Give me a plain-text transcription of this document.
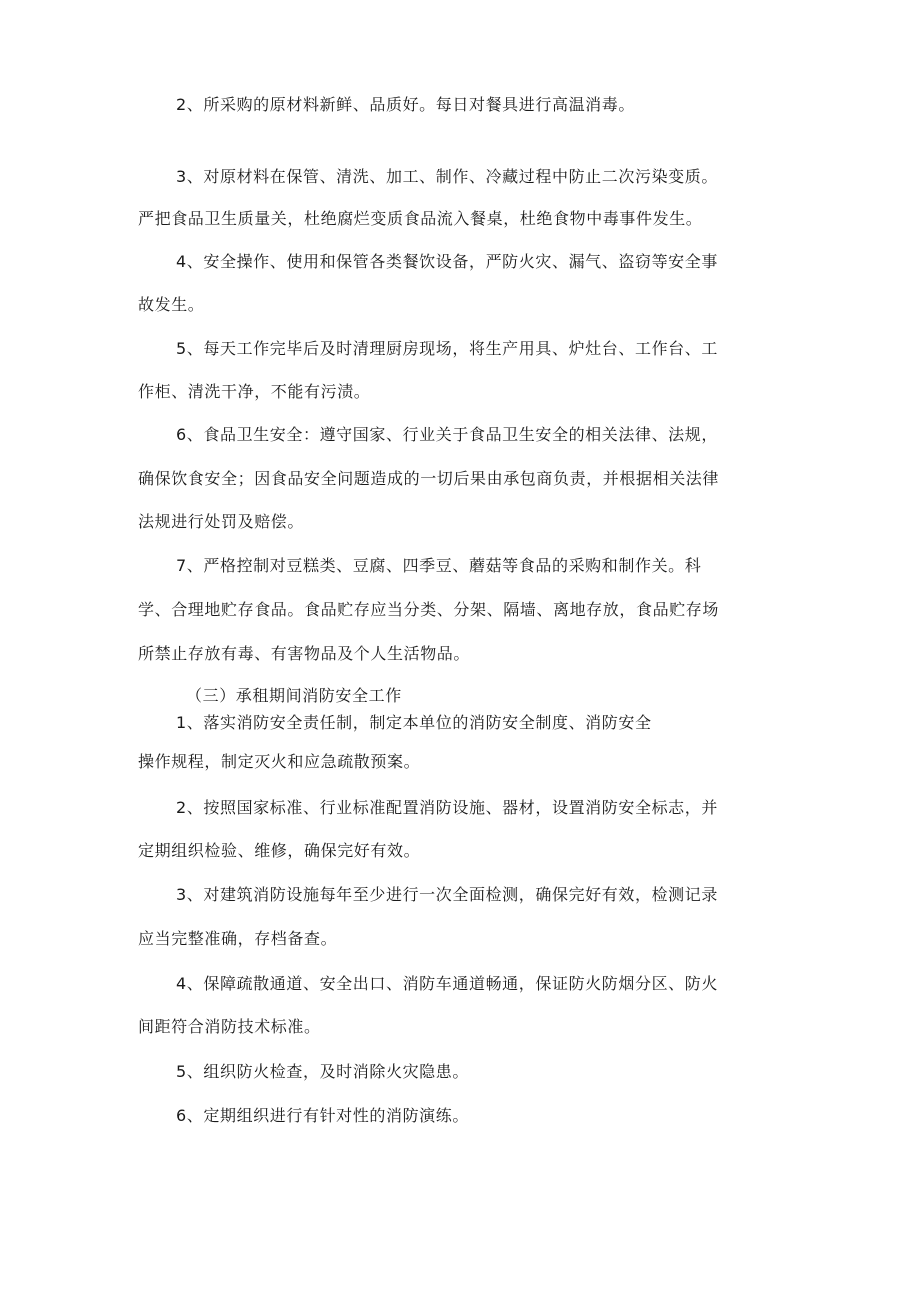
2、所采购的原材料新鲜、品质好。每日对餐具进行高温消毒。
3、对原材料在保管、清洗、加工、制作、冷藏过程中防止二次污染变质。
严把食品卫生质量关，杜绝腐烂变质食品流入餐桌，杜绝食物中毒事件发生。
4、安全操作、使用和保管各类餐饮设备，严防火灾、漏气、盗窃等安全事
故发生。
5、每天工作完毕后及时清理厨房现场，将生产用具、炉灶台、工作台、工
作柜、清洗干净，不能有污渍。
6、食品卫生安全：遵守国家、行业关于食品卫生安全的相关法律、法规，
确保饮食安全；因食品安全问题造成的一切后果由承包商负责，并根据相关法律
法规进行处罚及赔偿。
7、严格控制对豆糕类、豆腐、四季豆、蘑菇等食品的采购和制作关。科
学、合理地贮存食品。食品贮存应当分类、分架、隔墙、离地存放，食品贮存场
所禁止存放有毒、有害物品及个人生活物品。
（三）承租期间消防安全工作
1、落实消防安全责任制，制定本单位的消防安全制度、消防安全
操作规程，制定灭火和应急疏散预案。
2、按照国家标准、行业标准配置消防设施、器材，设置消防安全标志，并
定期组织检验、维修，确保完好有效。
3、对建筑消防设施每年至少进行一次全面检测，确保完好有效，检测记录
应当完整准确，存档备查。
4、保障疏散通道、安全出口、消防车通道畅通，保证防火防烟分区、防火
间距符合消防技术标准。
5、组织防火检查，及时消除火灾隐患。
6、定期组织进行有针对性的消防演练。
